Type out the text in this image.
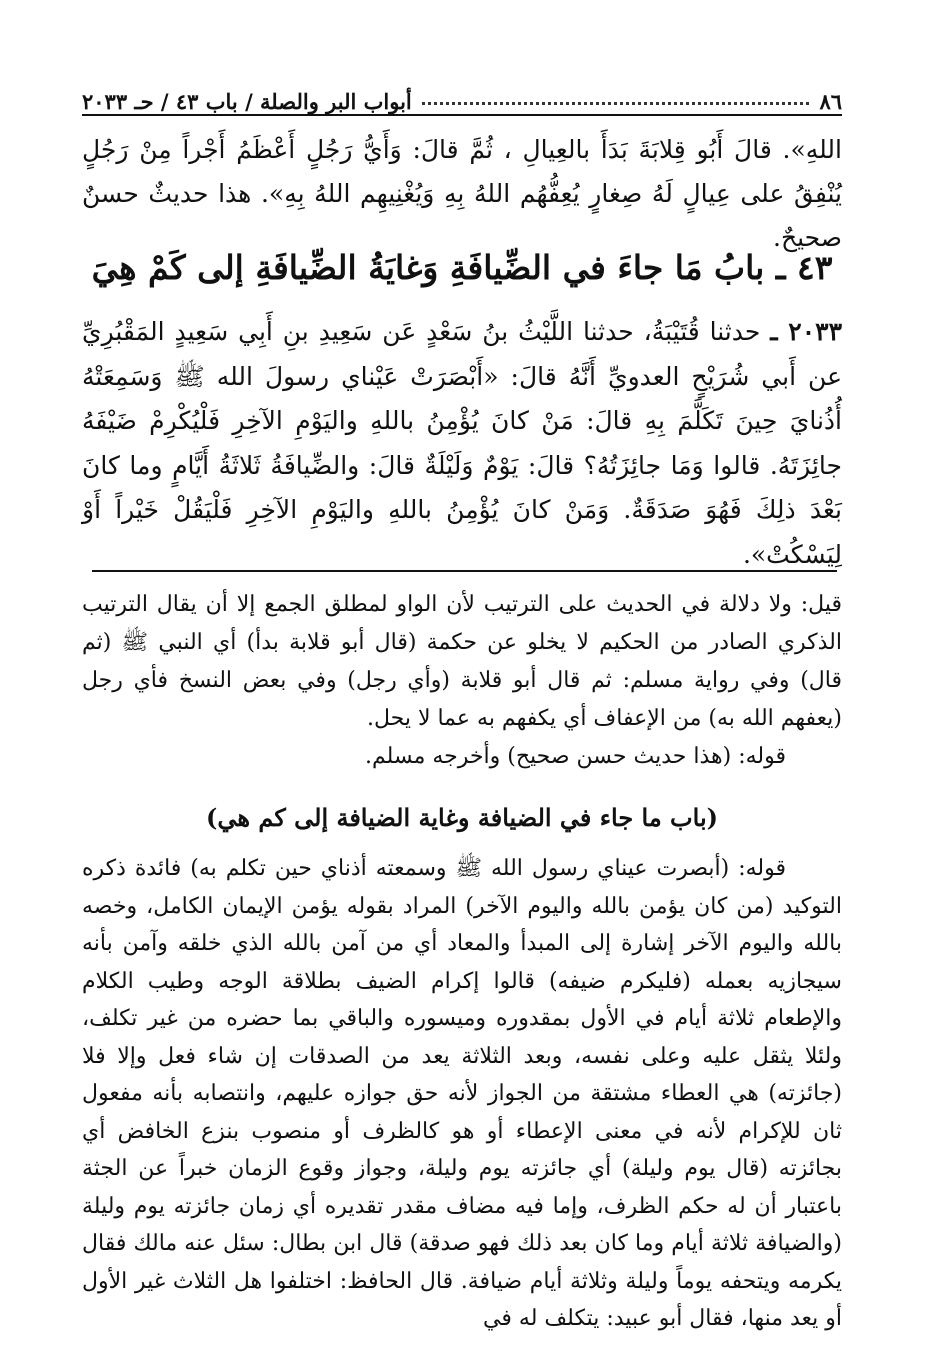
٨٦
أبواب البر والصلة / باب ٤٣ / حـ ٢٠٣٣
اللهِ». قالَ أَبُو قِلابَةَ بَدَأَ بالعِيالِ ، ثُمَّ قالَ: وَأَيُّ رَجُلٍ أَعْظَمُ أَجْراً مِنْ رَجُلٍ يُنْفِقُ على عِيالٍ لَهُ صِغارٍ يُعِفُّهُم اللهُ بِهِ وَيُغْنِيهِم اللهُ بِهِ». هذا حديثٌ حسنٌ صحيحٌ.
٤٣ ـ بابُ مَا جاءَ في الضِّيافَةِ وَغايَةُ الضِّيافَةِ إلى كَمْ هِيَ
٢٠٣٣ ـ حدثنا قُتَيْبَةُ، حدثنا اللَّيْثُ بنُ سَعْدٍ عَن سَعِيدِ بنِ أَبِي سَعِيدٍ المَقْبُرِيِّ عن أَبي شُرَيْحٍ العدويِّ أَنَّهُ قالَ: «أَبْصَرَتْ عَيْناي رسولَ الله ﷺ وَسَمِعَتْهُ أُذُنايَ حِينَ تَكَلَّمَ بِهِ قالَ: مَنْ كانَ يُؤْمِنُ باللهِ واليَوْمِ الآخِرِ فَلْيُكْرِمْ ضَيْفَهُ جائِزَتَهُ. قالوا وَمَا جائِزَتُهُ؟ قالَ: يَوْمٌ وَلَيْلَةٌ قالَ: والضِّيافَةُ ثَلاثَةُ أَيَّامٍ وما كانَ بَعْدَ ذلِكَ فَهُوَ صَدَقَةٌ. وَمَنْ كانَ يُؤْمِنُ باللهِ واليَوْمِ الآخِرِ فَلْيَقُلْ خَيْراً أَوْ لِيَسْكُتْ».

قيل: ولا دلالة في الحديث على الترتيب لأن الواو لمطلق الجمع إلا أن يقال الترتيب الذكري الصادر من الحكيم لا يخلو عن حكمة (قال أبو قلابة بدأ) أي النبي ﷺ (ثم قال) وفي رواية مسلم: ثم قال أبو قلابة (وأي رجل) وفي بعض النسخ فأي رجل (يعفهم الله به) من الإعفاف أي يكفهم به عما لا يحل.

قوله: (هذا حديث حسن صحيح) وأخرجه مسلم.

(باب ما جاء في الضيافة وغاية الضيافة إلى كم هي)

قوله: (أبصرت عيناي رسول الله ﷺ وسمعته أذناي حين تكلم به) فائدة ذكره التوكيد (من كان يؤمن بالله واليوم الآخر) المراد بقوله يؤمن الإيمان الكامل، وخصه بالله واليوم الآخر إشارة إلى المبدأ والمعاد أي من آمن بالله الذي خلقه وآمن بأنه سيجازيه بعمله (فليكرم ضيفه) قالوا إكرام الضيف بطلاقة الوجه وطيب الكلام والإطعام ثلاثة أيام في الأول بمقدوره وميسوره والباقي بما حضره من غير تكلف، ولئلا يثقل عليه وعلى نفسه، وبعد الثلاثة يعد من الصدقات إن شاء فعل وإلا فلا (جائزته) هي العطاء مشتقة من الجواز لأنه حق جوازه عليهم، وانتصابه بأنه مفعول ثان للإكرام لأنه في معنى الإعطاء أو هو كالظرف أو منصوب بنزع الخافض أي بجائزته (قال يوم وليلة) أي جائزته يوم وليلة، وجواز وقوع الزمان خبراً عن الجثة باعتبار أن له حكم الظرف، وإما فيه مضاف مقدر تقديره أي زمان جائزته يوم وليلة (والضيافة ثلاثة أيام وما كان بعد ذلك فهو صدقة) قال ابن بطال: سئل عنه مالك فقال يكرمه ويتحفه يوماً وليلة وثلاثة أيام ضيافة. قال الحافظ: اختلفوا هل الثلاث غير الأول أو يعد منها، فقال أبو عبيد: يتكلف له في
